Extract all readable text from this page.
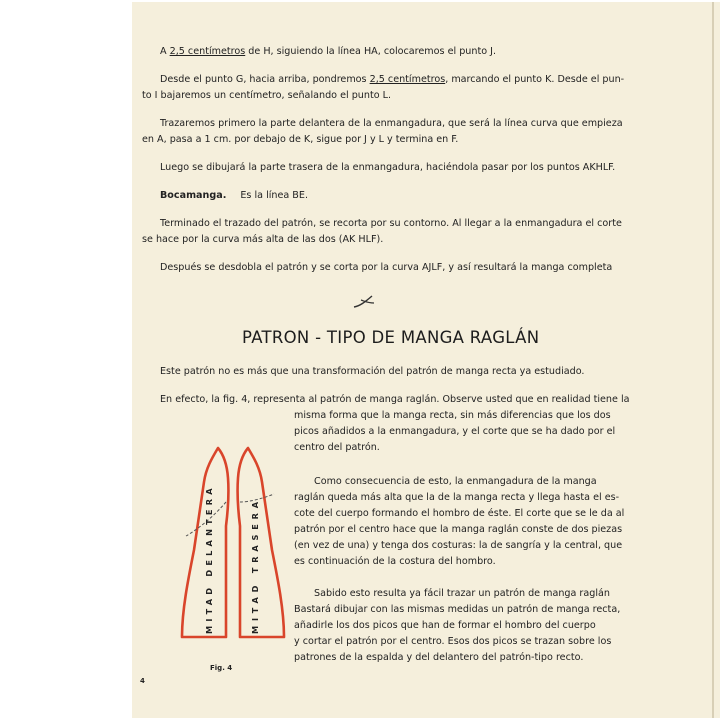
A 2,5 centímetros de H, siguiendo la línea HA, colocaremos el punto J.

Desde el punto G, hacia arriba, pondremos 2,5 centímetros, marcando el punto K. Desde el pun-

to I bajaremos un centímetro, señalando el punto L.

Trazaremos primero la parte delantera de la enmangadura, que será la línea curva que empieza

en A, pasa a 1 cm. por debajo de K, sigue por J y L y termina en F.

Luego se dibujará la parte trasera de la enmangadura, haciéndola pasar por los puntos AKHLF.

Bocamanga. Es la línea BE.

Terminado el trazado del patrón, se recorta por su contorno. Al llegar a la enmangadura el corte

se hace por la curva más alta de las dos (AK HLF).

Después se desdobla el patrón y se corta por la curva AJLF, y así resultará la manga completa

PATRON - TIPO DE MANGA RAGLÁN

Este patrón no es más que una transformación del patrón de manga recta ya estudiado.

En efecto, la fig. 4, representa al patrón de manga raglán. Observe usted que en realidad tiene la

misma forma que la manga recta, sin más diferencias que los dos

picos añadidos a la enmangadura, y el corte que se ha dado por el

centro del patrón.

Como consecuencia de esto, la enmangadura de la manga

raglán queda más alta que la de la manga recta y llega hasta el es-

cote del cuerpo formando el hombro de éste. El corte que se le da al

patrón por el centro hace que la manga raglán conste de dos piezas

(en vez de una) y tenga dos costuras: la de sangría y la central, que

es continuación de la costura del hombro.

Sabido esto resulta ya fácil trazar un patrón de manga raglán

Bastará dibujar con las mismas medidas un patrón de manga recta,

añadirle los dos picos que han de formar el hombro del cuerpo

y cortar el patrón por el centro. Esos dos picos se trazan sobre los

patrones de la espalda y del delantero del patrón-tipo recto.

MITAD DELANTERA	MITAD TRASERA
Fig. 4
4
